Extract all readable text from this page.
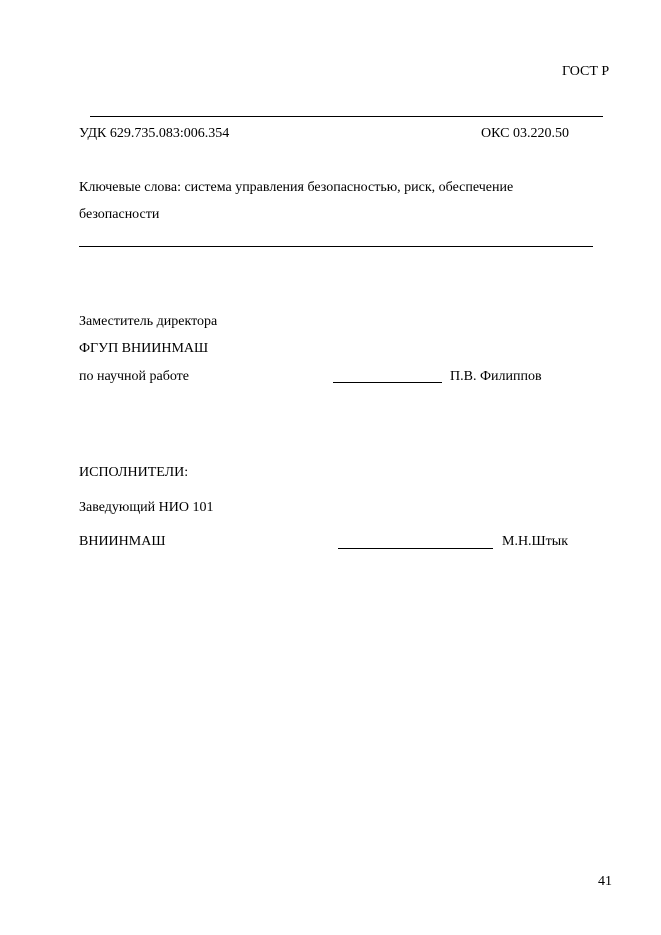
ГОСТ Р
УДК 629.735.083:006.354	ОКС 03.220.50
Ключевые слова: система управления безопасностью, риск, обеспечение
безопасности
Заместитель директора
ФГУП ВНИИНМАШ
по научной работе	П.В. Филиппов
ИСПОЛНИТЕЛИ:
Заведующий НИО 101
ВНИИНМАШ	М.Н.Штык
41
